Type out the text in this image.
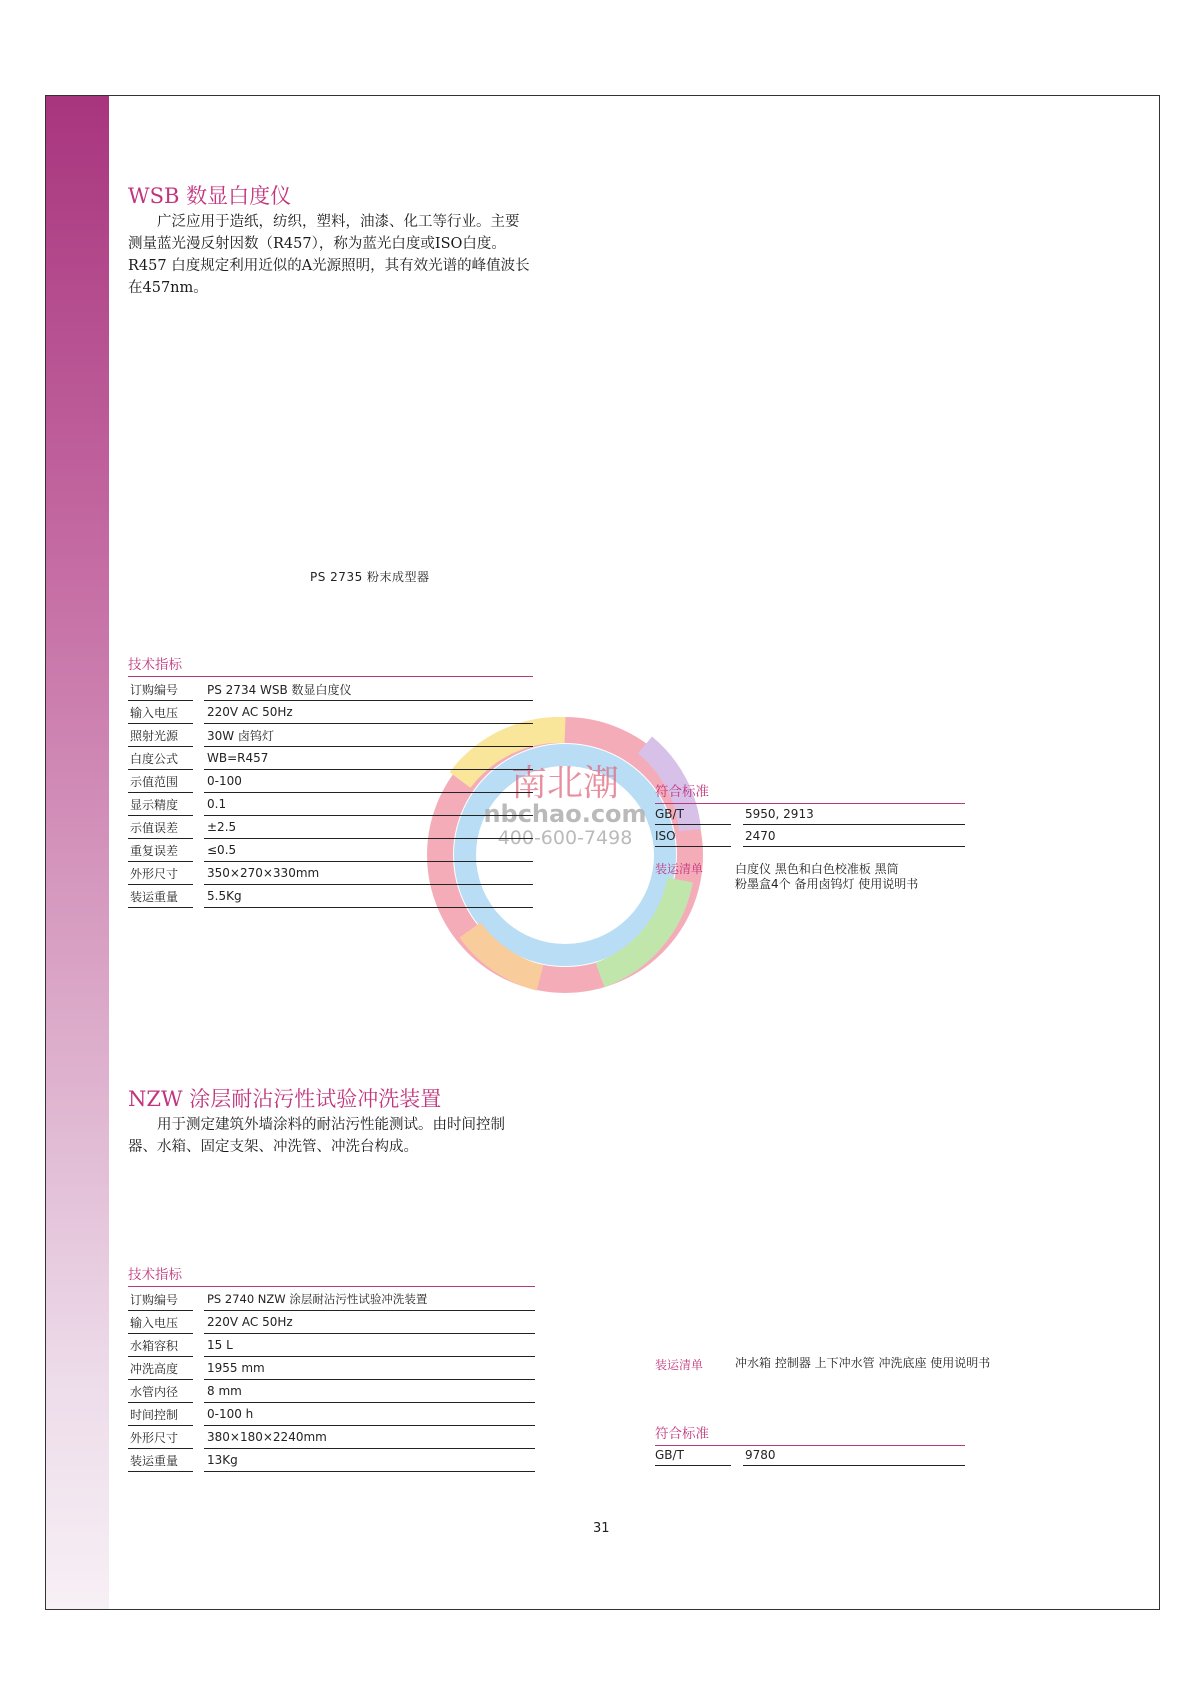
南北潮
nbchao.com
400-600-7498
WSB 数显白度仪

广泛应用于造纸，纺织，塑料，油漆、化工等行业。主要测量蓝光漫反射因数（R457），称为蓝光白度或ISO白度。R457 白度规定利用近似的A光源照明，其有效光谱的峰值波长在457nm。

PS 2735 粉末成型器
技术指标
订购编号		PS 2734 WSB 数显白度仪
输入电压		220V AC 50Hz
照射光源		30W 卤钨灯
白度公式		WB=R457
示值范围		0-100
显示精度		0.1
示值误差		±2.5
重复误差		≤0.5
外形尺寸		350×270×330mm
装运重量		5.5Kg
符合标准
GB/T	5950, 2913
ISO	2470
装运清单	白度仪 黑色和白色校准板 黑筒
粉墨盒4个 备用卤钨灯 使用说明书
NZW 涂层耐沾污性试验冲洗装置

用于测定建筑外墙涂料的耐沾污性能测试。由时间控制器、水箱、固定支架、冲洗管、冲洗台构成。

技术指标
订购编号		PS 2740 NZW 涂层耐沾污性试验冲洗装置
输入电压		220V AC 50Hz
水箱容积		15 L
冲洗高度		1955 mm
水管内径		8 mm
时间控制		0-100 h
外形尺寸		380×180×2240mm
装运重量		13Kg
装运清单	冲水箱 控制器 上下冲水管 冲洗底座 使用说明书
符合标准
GB/T	9780
31
